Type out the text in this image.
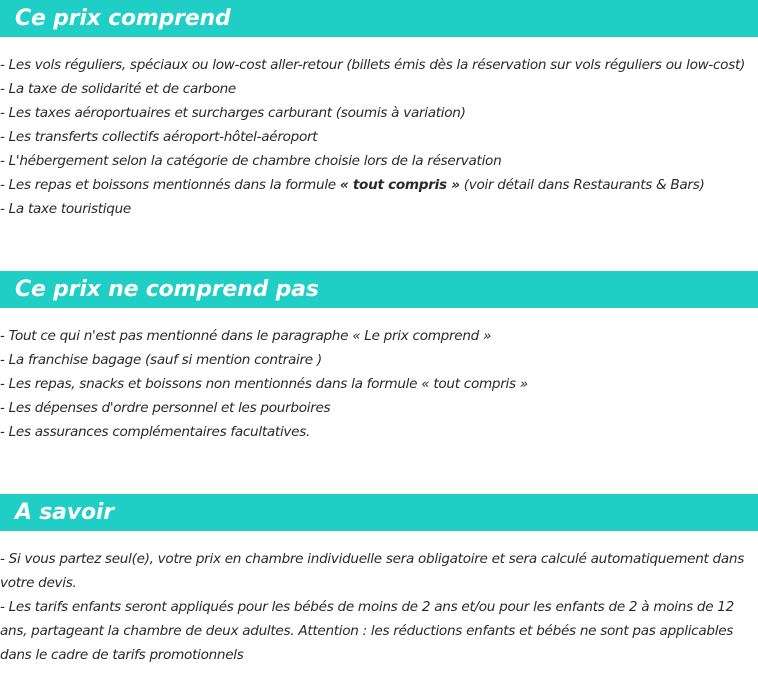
Ce prix comprend
- Les vols réguliers, spéciaux ou low-cost aller-retour (billets émis dès la réservation sur vols réguliers ou low-cost)
- La taxe de solidarité et de carbone
- Les taxes aéroportuaires et surcharges carburant (soumis à variation)
- Les transferts collectifs aéroport-hôtel-aéroport
- L'hébergement selon la catégorie de chambre choisie lors de la réservation
- Les repas et boissons mentionnés dans la formule « tout compris » (voir détail dans Restaurants & Bars)
- La taxe touristique
Ce prix ne comprend pas
- Tout ce qui n'est pas mentionné dans le paragraphe « Le prix comprend »
- La franchise bagage (sauf si mention contraire )
- Les repas, snacks et boissons non mentionnés dans la formule « tout compris »
- Les dépenses d'ordre personnel et les pourboires
- Les assurances complémentaires facultatives.
A savoir
- Si vous partez seul(e), votre prix en chambre individuelle sera obligatoire et sera calculé automatiquement dans votre devis.
- Les tarifs enfants seront appliqués pour les bébés de moins de 2 ans et/ou pour les enfants de 2 à moins de 12 ans, partageant la chambre de deux adultes. Attention : les réductions enfants et bébés ne sont pas applicables dans le cadre de tarifs promotionnels
